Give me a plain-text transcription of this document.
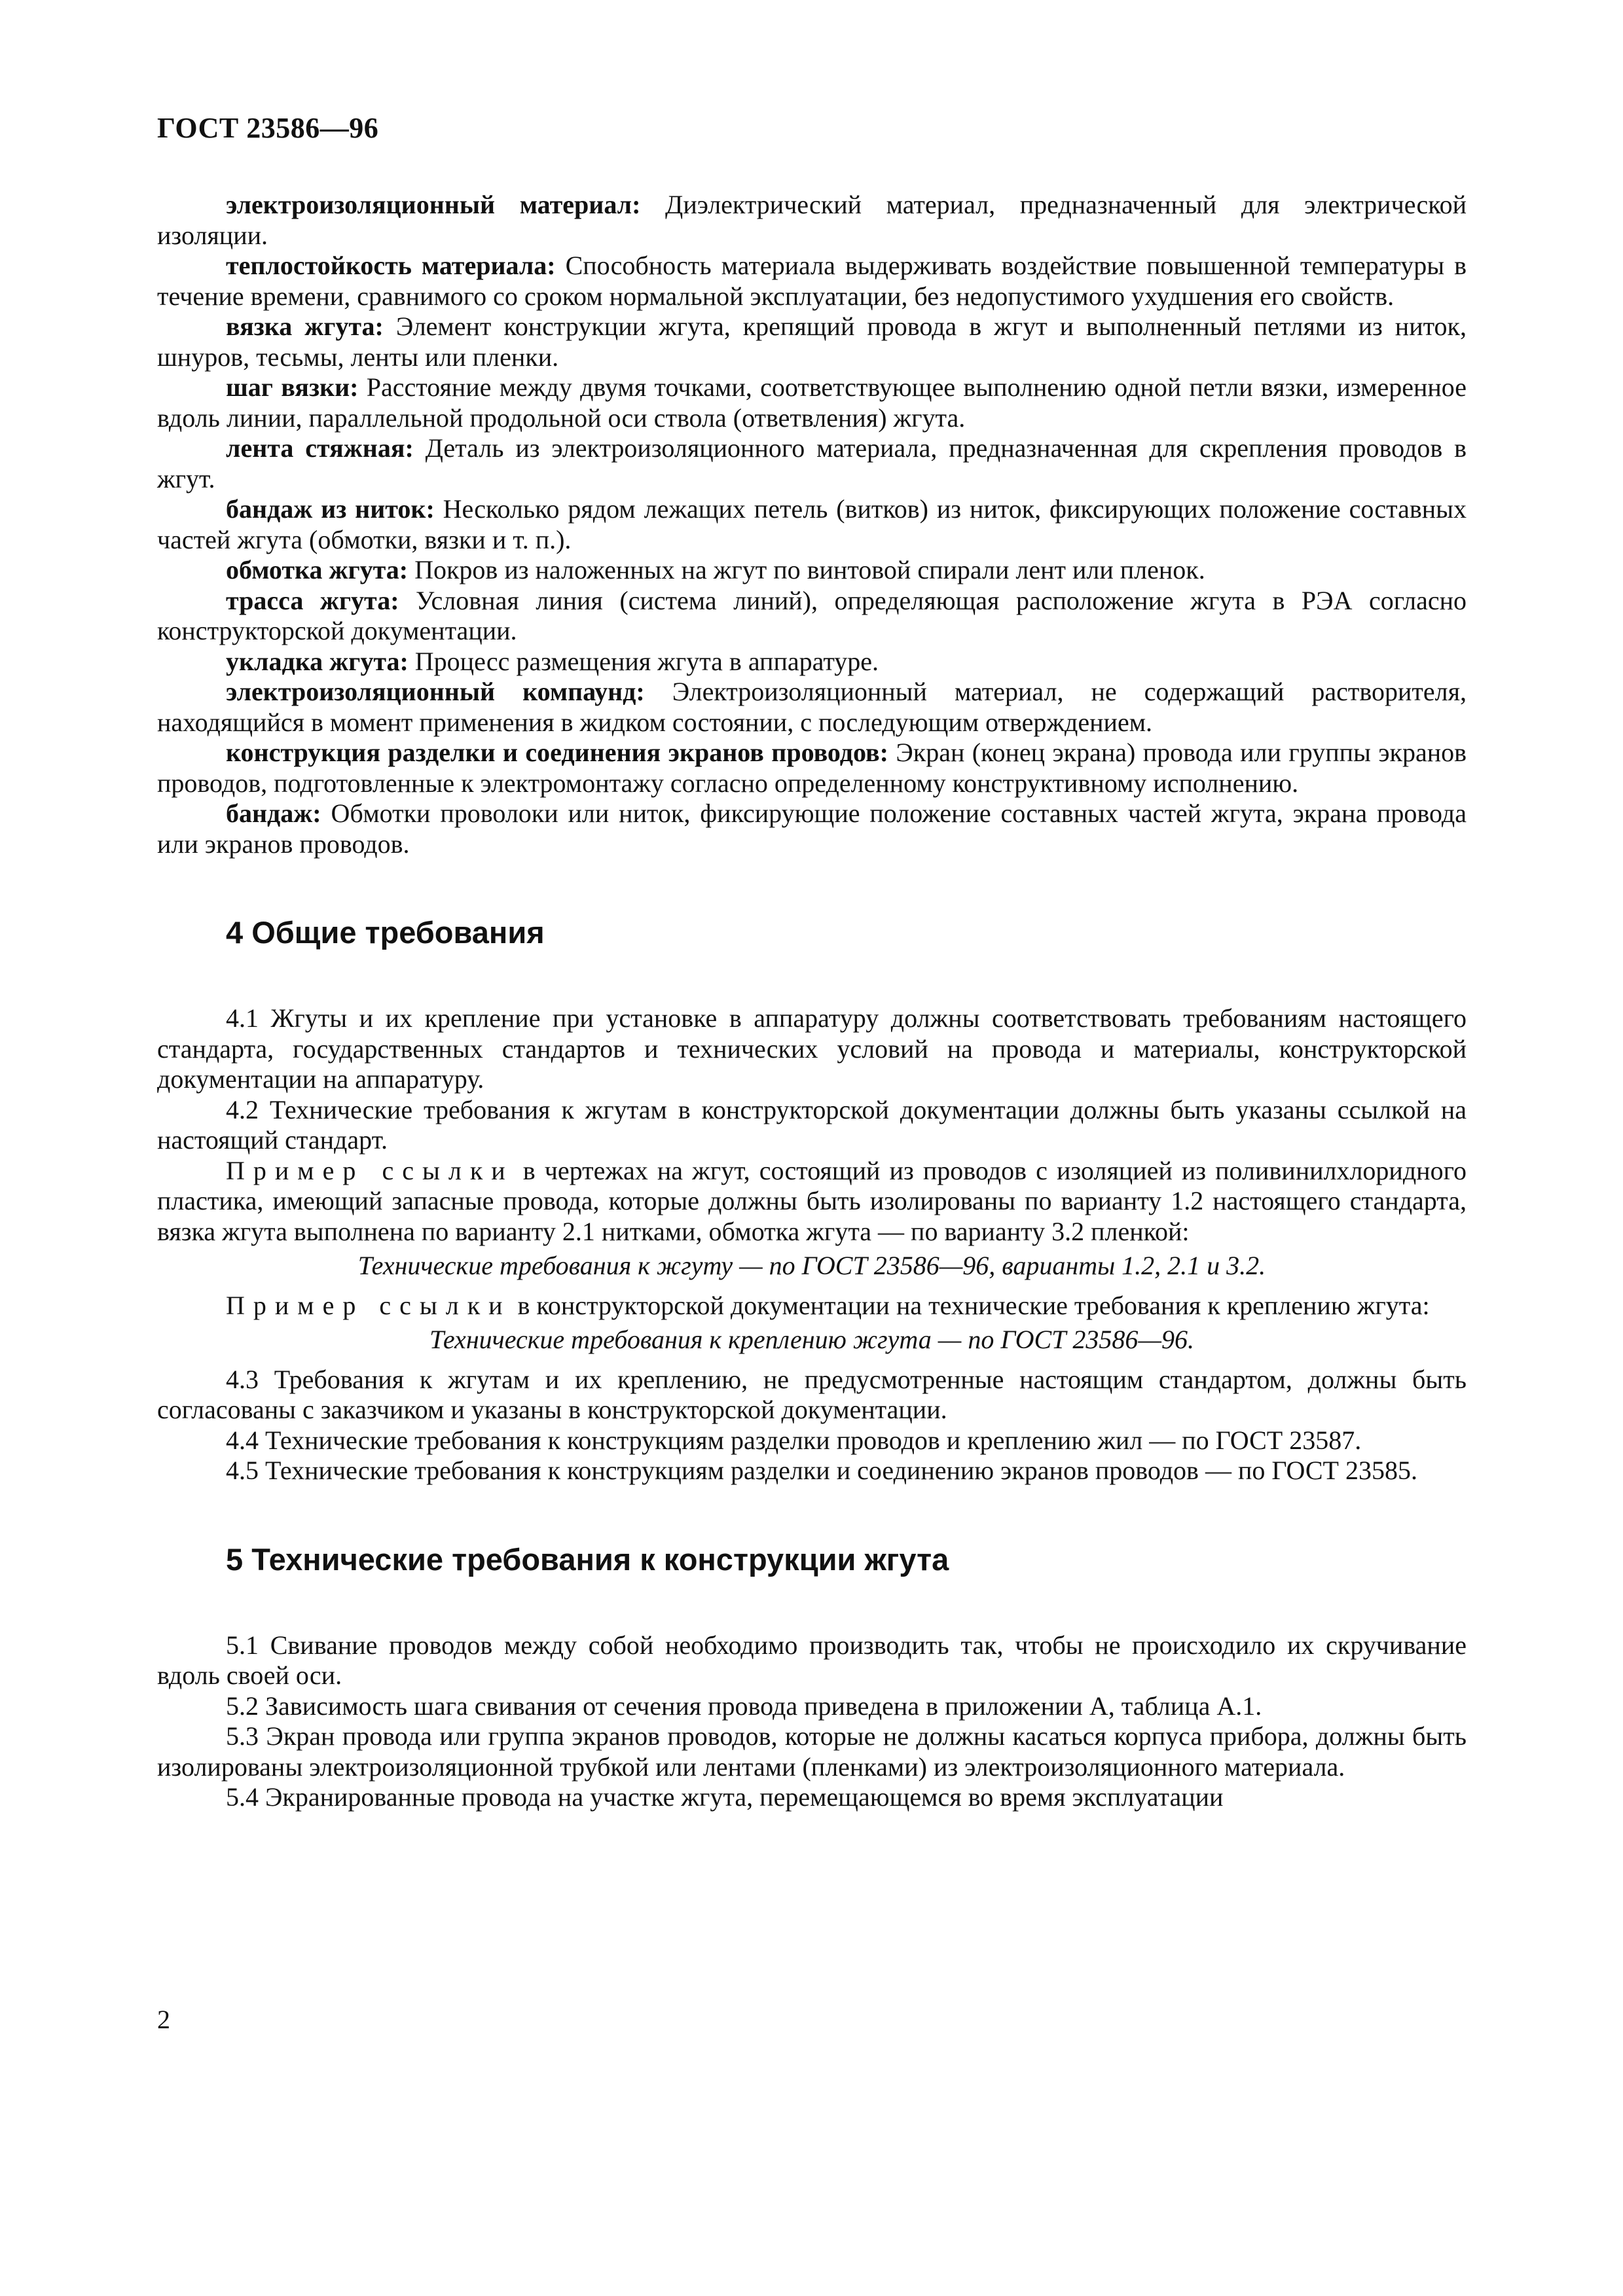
ГОСТ 23586—96

электроизоляционный материал: Диэлектрический материал, предназначенный для электрической изоляции.

теплостойкость материала: Способность материала выдерживать воздействие повышенной температуры в течение времени, сравнимого со сроком нормальной эксплуатации, без недопустимого ухудшения его свойств.

вязка жгута: Элемент конструкции жгута, крепящий провода в жгут и выполненный петлями из ниток, шнуров, тесьмы, ленты или пленки.

шаг вязки: Расстояние между двумя точками, соответствующее выполнению одной петли вязки, измеренное вдоль линии, параллельной продольной оси ствола (ответвления) жгута.

лента стяжная: Деталь из электроизоляционного материала, предназначенная для скрепления проводов в жгут.

бандаж из ниток: Несколько рядом лежащих петель (витков) из ниток, фиксирующих положение составных частей жгута (обмотки, вязки и т. п.).

обмотка жгута: Покров из наложенных на жгут по винтовой спирали лент или пленок.

трасса жгута: Условная линия (система линий), определяющая расположение жгута в РЭА согласно конструкторской документации.

укладка жгута: Процесс размещения жгута в аппаратуре.

электроизоляционный компаунд: Электроизоляционный материал, не содержащий растворителя, находящийся в момент применения в жидком состоянии, с последующим отверждением.

конструкция разделки и соединения экранов проводов: Экран (конец экрана) провода или группы экранов проводов, подготовленные к электромонтажу согласно определенному конструктивному исполнению.

бандаж: Обмотки проволоки или ниток, фиксирующие положение составных частей жгута, экрана провода или экранов проводов.

4 Общие требования

4.1 Жгуты и их крепление при установке в аппаратуру должны соответствовать требованиям настоящего стандарта, государственных стандартов и технических условий на провода и материалы, конструкторской документации на аппаратуру.

4.2 Технические требования к жгутам в конструкторской документации должны быть указаны ссылкой на настоящий стандарт.

Пример ссылки в чертежах на жгут, состоящий из проводов с изоляцией из поливинилхлоридного пластика, имеющий запасные провода, которые должны быть изолированы по варианту 1.2 настоящего стандарта, вязка жгута выполнена по варианту 2.1 нитками, обмотка жгута — по варианту 3.2 пленкой:

Технические требования к жгуту — по ГОСТ 23586—96, варианты 1.2, 2.1 и 3.2.

Пример ссылки в конструкторской документации на технические требования к креплению жгута:

Технические требования к креплению жгута — по ГОСТ 23586—96.

4.3 Требования к жгутам и их креплению, не предусмотренные настоящим стандартом, должны быть согласованы с заказчиком и указаны в конструкторской документации.

4.4 Технические требования к конструкциям разделки проводов и креплению жил — по ГОСТ 23587.

4.5 Технические требования к конструкциям разделки и соединению экранов проводов — по ГОСТ 23585.

5 Технические требования к конструкции жгута

5.1 Свивание проводов между собой необходимо производить так, чтобы не происходило их скручивание вдоль своей оси.

5.2 Зависимость шага свивания от сечения провода приведена в приложении А, таблица А.1.

5.3 Экран провода или группа экранов проводов, которые не должны касаться корпуса прибора, должны быть изолированы электроизоляционной трубкой или лентами (пленками) из электроизоляционного материала.

5.4 Экранированные провода на участке жгута, перемещающемся во время эксплуатации

2
